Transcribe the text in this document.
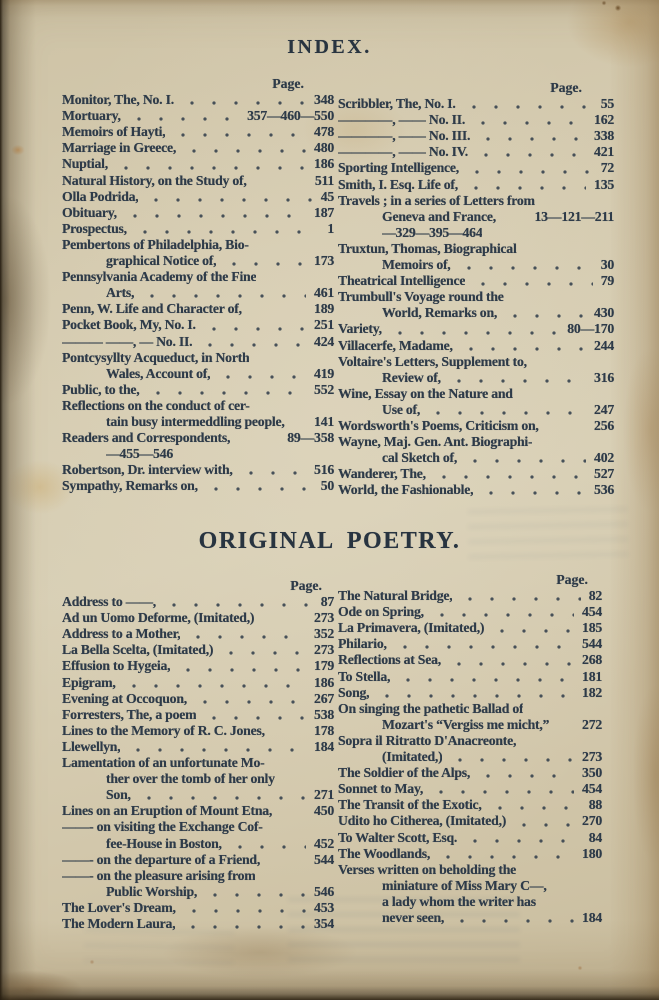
INDEX.
Page.
Monitor, The, No. I.	348
Mortuary,	357—460—550
Memoirs of Hayti,	478
Marriage in Greece,	480
Nuptial,	186
Natural History, on the Study of,	511
Olla Podrida,	45
Obituary,	187
Prospectus,	1
Pembertons of Philadelphia, Bio-
graphical Notice of,	173
Pennsylvania Academy of the Fine
Arts,	461
Penn, W. Life and Character of,	189
Pocket Book, My, No. I.	251
——— ——, — No. II.	424
Pontcysyllty Acqueduct, in North
Wales, Account of,	419
Public, to the,	552
Reflections on the conduct of cer-
tain busy intermeddling people, 141
Readers and Correspondents,	89—358
—455—546
Robertson, Dr. interview with,	516
Sympathy, Remarks on,	50
Page.
Scribbler, The, No. I.	55
————, —— No. II.	162
————, —— No. III.	338
————, —— No. IV.	421
Sporting Intelligence,	72
Smith, I. Esq. Life of,	135
Travels ; in a series of Letters from
Geneva and France,	13—121—211
—329—395—464
Truxtun, Thomas, Biographical
Memoirs of,	30
Theatrical Intelligence	79
Trumbull's Voyage round the
World, Remarks on,	430
Variety,	80—170
Villacerfe, Madame,	244
Voltaire's Letters, Supplement to,
Review of,	316
Wine, Essay on the Nature and
Use of,	247
Wordsworth's Poems, Criticism on,	256
Wayne, Maj. Gen. Ant. Biographi-
cal Sketch of,	402
Wanderer, The,	527
World, the Fashionable,	536
ORIGINAL POETRY.
Page.
Address to ——,	87
Ad un Uomo Deforme, (Imitated,)	273
Address to a Mother,	352
La Bella Scelta, (Imitated,)	273
Effusion to Hygeia,	179
Epigram,	186
Evening at Occoquon,	267
Forresters, The, a poem	538
Lines to the Memory of R. C. Jones,	178
Llewellyn,	184
Lamentation of an unfortunate Mo-
ther over the tomb of her only
Son,	271
Lines on an Eruption of Mount Etna,	450
——- on visiting the Exchange Cof-
fee-House in Boston,	452
——- on the departure of a Friend,	544
——- on the pleasure arising from
Public Worship,	546
The Lover's Dream,	453
The Modern Laura,	354
Page.
The Natural Bridge,	82
Ode on Spring,	454
La Primavera, (Imitated,)	185
Philario,	544
Reflections at Sea,	268
To Stella,	181
Song,	182
On singing the pathetic Ballad of
Mozart's “Vergiss me micht,” 272
Sopra il Ritratto D'Anacreonte,
(Imitated,)	273
The Soldier of the Alps,	350
Sonnet to May,	454
The Transit of the Exotic,	88
Udito ho Citherea, (Imitated,)	270
To Walter Scott, Esq.	84
The Woodlands,	180
Verses written on beholding the
miniature of Miss Mary C—,
a lady whom the writer has
never seen,	184
